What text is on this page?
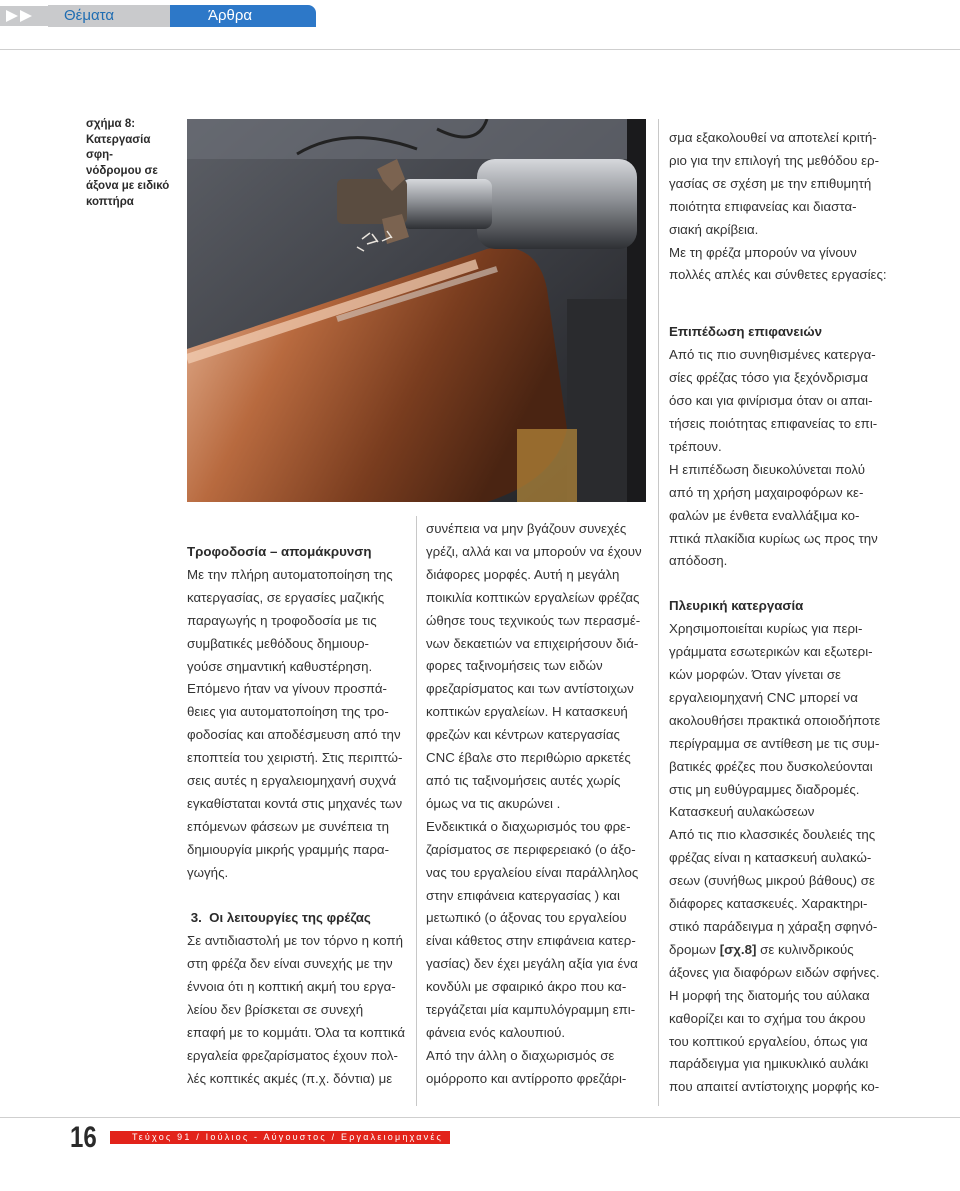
Θέματα	Άρθρα
σχήμα 8:
Κατεργασία σφη-
νόδρομου σε
άξονα με ειδικό
κοπτήρα

Τροφοδοσία – απομάκρυνση

Με την πλήρη αυτοματοποίηση της

κατεργασίας, σε εργασίες μαζικής

παραγωγής η τροφοδοσία με τις

συμβατικές μεθόδους δημιουρ-

γούσε σημαντική καθυστέρηση.

Επόμενο ήταν να γίνουν προσπά-

θειες για αυτοματοποίηση της τρο-

φοδοσίας και αποδέσμευση από την

εποπτεία του χειριστή. Στις περιπτώ-

σεις αυτές η εργαλειομηχανή συχνά

εγκαθίσταται κοντά στις μηχανές των

επόμενων φάσεων με συνέπεια τη

δημιουργία μικρής γραμμής παρα-

γωγής.

3.  Οι λειτουργίες της φρέζας

Σε αντιδιαστολή με τον τόρνο η κοπή

στη φρέζα δεν είναι συνεχής με την

έννοια ότι η κοπτική ακμή του εργα-

λείου δεν βρίσκεται σε συνεχή

επαφή με το κομμάτι. Όλα τα κοπτικά

εργαλεία φρεζαρίσματος έχουν πολ-

λές κοπτικές ακμές (π.χ. δόντια) με

συνέπεια να μην βγάζουν συνεχές

γρέζι, αλλά και να μπορούν να έχουν

διάφορες μορφές. Αυτή η μεγάλη

ποικιλία κοπτικών εργαλείων φρέζας

ώθησε τους τεχνικούς των περασμέ-

νων δεκαετιών να επιχειρήσουν διά-

φορες ταξινομήσεις των ειδών

φρεζαρίσματος και των αντίστοιχων

κοπτικών εργαλείων. Η κατασκευή

φρεζών και κέντρων κατεργασίας

CNC έβαλε στο περιθώριο αρκετές

από τις ταξινομήσεις αυτές χωρίς

όμως να τις ακυρώνει .

Ενδεικτικά ο διαχωρισμός του φρε-

ζαρίσματος σε περιφερειακό (ο άξο-

νας του εργαλείου είναι παράλληλος

στην επιφάνεια κατεργασίας ) και

μετωπικό (ο άξονας του εργαλείου

είναι κάθετος στην επιφάνεια κατερ-

γασίας) δεν έχει μεγάλη αξία για ένα

κονδύλι με σφαιρικό άκρο που κα-

τεργάζεται μία καμπυλόγραμμη επι-

φάνεια ενός καλουπιού.

Από την άλλη ο διαχωρισμός σε

ομόρροπο και αντίρροπο φρεζάρι-

σμα εξακολουθεί να αποτελεί κριτή-

ριο για την επιλογή της μεθόδου ερ-

γασίας σε σχέση με την επιθυμητή

ποιότητα επιφανείας και διαστα-

σιακή ακρίβεια.

Με τη φρέζα μπορούν να γίνουν

πολλές απλές και σύνθετες εργασίες:

Επιπέδωση επιφανειών

Από τις πιο συνηθισμένες κατεργα-

σίες φρέζας τόσο για ξεχόνδρισμα

όσο και για φινίρισμα όταν οι απαι-

τήσεις ποιότητας επιφανείας το επι-

τρέπουν.

Η επιπέδωση διευκολύνεται πολύ

από τη χρήση μαχαιροφόρων κε-

φαλών με ένθετα εναλλάξιμα κο-

πτικά πλακίδια κυρίως ως προς την

απόδοση.

Πλευρική κατεργασία

Χρησιμοποιείται κυρίως για περι-

γράμματα εσωτερικών και εξωτερι-

κών μορφών. Όταν γίνεται σε

εργαλειομηχανή CNC μπορεί να

ακολουθήσει πρακτικά οποιοδήποτε

περίγραμμα σε αντίθεση με τις συμ-

βατικές φρέζες που δυσκολεύονται

στις μη ευθύγραμμες διαδρομές.

Κατασκευή αυλακώσεων

Από τις πιο κλασσικές δουλειές της

φρέζας είναι η κατασκευή αυλακώ-

σεων (συνήθως μικρού βάθους) σε

διάφορες κατασκευές. Χαρακτηρι-

στικό παράδειγμα η χάραξη σφηνό-

δρομων [σχ.8] σε κυλινδρικούς

άξονες για διαφόρων ειδών σφήνες.

Η μορφή της διατομής του αύλακα

καθορίζει και το σχήμα του άκρου

του κοπτικού εργαλείου, όπως για

παράδειγμα για ημικυκλικό αυλάκι

που απαιτεί αντίστοιχης μορφής κο-

16	Τεύχος 91 / Ιούλιος - Αύγουστος / Εργαλειομηχανές
